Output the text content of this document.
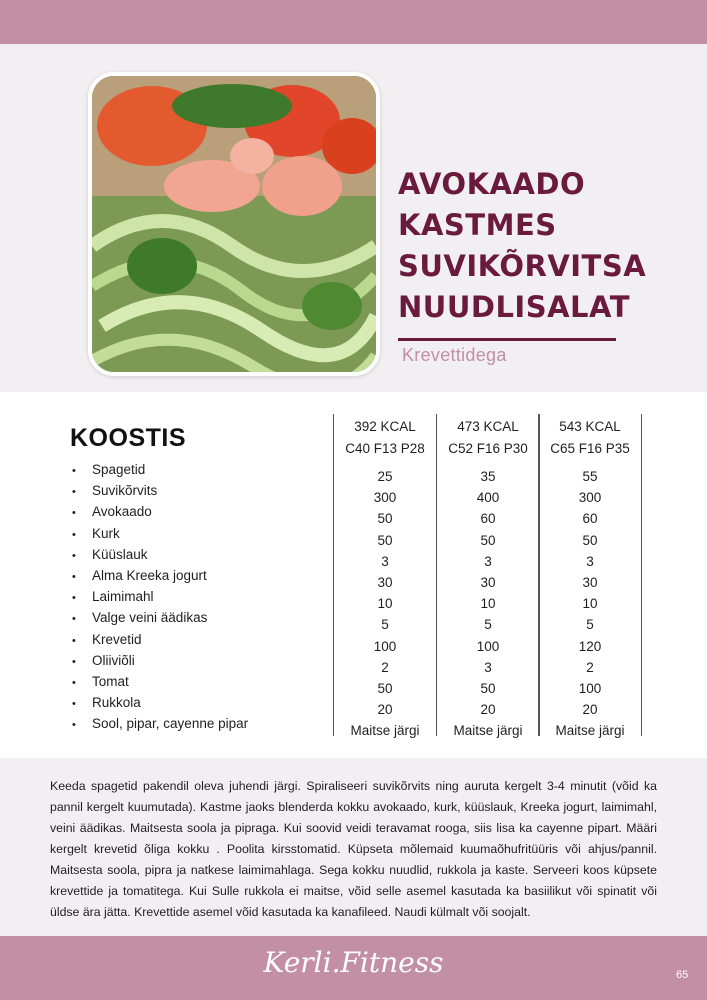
AVOKAADO
KASTMES
SUVIKÕRVITSA
NUUDLISALAT
Krevettidega
KOOSTIS
• Spagetid
• Suvikõrvits
• Avokaado
• Kurk
• Küüslauk
• Alma Kreeka jogurt
• Laimimahl
• Valge veini äädikas
• Krevetid
• Oliiviõli
• Tomat
• Rukkola
• Sool, pipar, cayenne pipar
392 KCAL
C40 F13 P28
25
300
50
50
3
30
10
5
100
2
50
20
Maitse järgi
473 KCAL
C52 F16 P30
35
400
60
50
3
30
10
5
100
3
50
20
Maitse järgi
543 KCAL
C65 F16 P35
55
300
60
50
3
30
10
5
120
2
100
20
Maitse järgi
Keeda spagetid pakendil oleva juhendi järgi. Spiraliseeri suvikõrvits ning auruta kergelt 3-4 minutit (võid ka pannil kergelt kuumutada). Kastme jaoks blenderda kokku avokaado, kurk, küüslauk, Kreeka jogurt, laimimahl, veini äädikas. Maitsesta soola ja pipraga. Kui soovid veidi teravamat rooga, siis lisa ka cayenne pipart. Määri kergelt krevetid õliga kokku . Poolita kirsstomatid. Küpseta mõlemaid kuumaõhufritüüris või ahjus/pannil. Maitsesta soola, pipra ja natkese laimimahlaga. Sega kokku nuudlid, rukkola ja kaste. Serveeri koos küpsete krevettide ja tomatitega. Kui Sulle rukkola ei maitse, võid selle asemel kasutada ka basiilikut või spinatit või üldse ära jätta. Krevettide asemel võid kasutada ka kanafileed. Naudi külmalt või soojalt.
Kerli.Fitness	65
